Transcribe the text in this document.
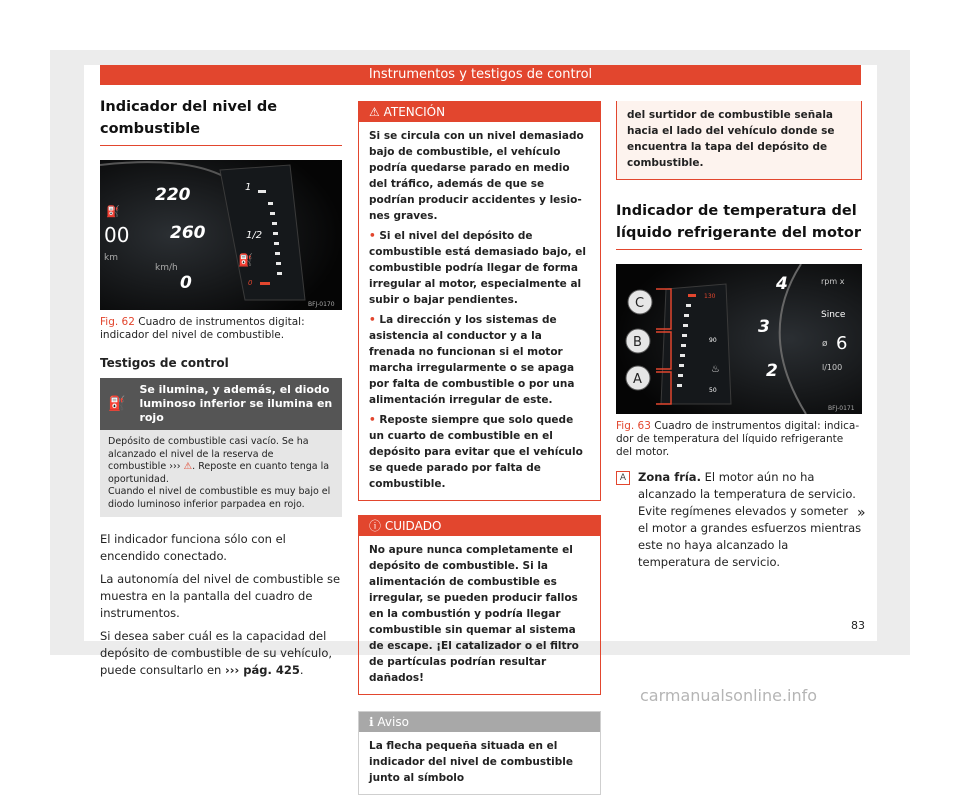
Instrumentos y testigos de control
Indicador del nivel de combustible
1
1/2
0
⛽
220
260
0
⛽
00
km
km/h
BFJ-0170
Fig. 62 Cuadro de instrumentos digital: indicador del nivel de combustible.
Testigos de control
⛽
Se ilumina, y además, el diodo luminoso inferior se ilumina en rojo
Depósito de combustible casi vacío. Se ha alcanzado el nivel de la reserva de combustible ››› ⚠. Reposte en cuanto tenga la oportunidad.
Cuando el nivel de combustible es muy bajo el diodo luminoso inferior parpadea en rojo.

El indicador funciona sólo con el encendido conectado.

La autonomía del nivel de combustible se muestra en la pantalla del cuadro de instrumentos.

Si desea saber cuál es la capacidad del depósito de combustible de su vehículo, puede consultarlo en ››› pág. 425.

⚠ ATENCIÓN
Si se circula con un nivel demasiado bajo de combustible, el vehículo podría quedarse parado en medio del tráfico, además de que se podrían producir accidentes y lesiones graves.
• Si el nivel del depósito de combustible está demasiado bajo, el combustible podría llegar de forma irregular al motor, especialmente al subir o bajar pendientes.
• La dirección y los sistemas de asistencia al conductor y a la frenada no funcionan si el motor marcha irregularmente o se apaga por falta de combustible o por una alimentación irregular de este.
• Reposte siempre que solo quede un cuarto de combustible en el depósito para evitar que el vehículo se quede parado por falta de combustible.
ⓘ CUIDADO
No apure nunca completamente el depósito de combustible. Si la alimentación de combustible es irregular, se pueden producir fallos en la combustión y podría llegar combustible sin quemar al sistema de escape. ¡El catalizador o el filtro de partículas podrían resultar dañados!
ℹ Aviso
La flecha pequeña situada en el indicador del nivel de combustible junto al símbolo
del surtidor de combustible señala hacia el lado del vehículo donde se encuentra la tapa del depósito de combustible.
Indicador de temperatura del líquido refrigerante del motor
130
90
50
♨
C
B
A
4
3
2
rpm x
Since
ø 6
l/100
BFJ-0171
Fig. 63 Cuadro de instrumentos digital: indicador de temperatura del líquido refrigerante del motor.
A	Zona fría. El motor aún no ha alcanzado la temperatura de servicio. Evite regímenes elevados y someter el motor a grandes esfuerzos mientras este no haya alcanzado la temperatura de servicio.
»
83
carmanualsonline.info
